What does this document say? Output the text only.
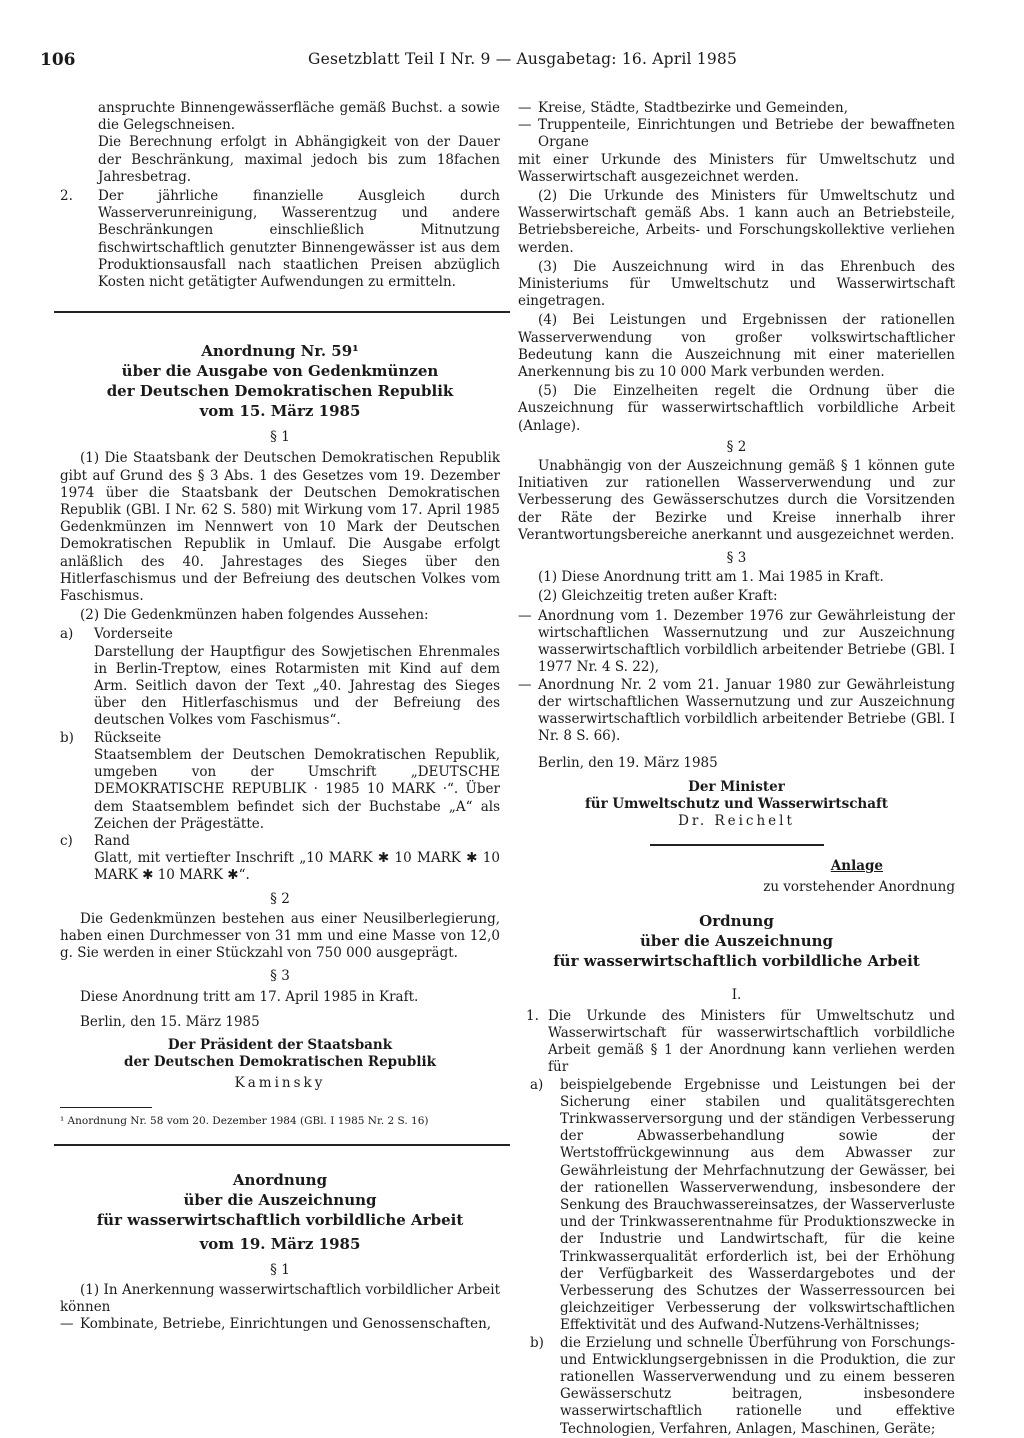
106	Gesetzblatt Teil I Nr. 9 — Ausgabetag: 16. April 1985

anspruchte Binnengewässerfläche gemäß Buchst. a sowie die Gelegschneisen.

Die Berechnung erfolgt in Abhängigkeit von der Dauer der Beschränkung, maximal jedoch bis zum 18fachen Jahresbetrag.

2. Der jährliche finanzielle Ausgleich durch Wasserverunreinigung, Wasserentzug und andere Beschränkungen einschließlich Mitnutzung fischwirtschaftlich genutzter Binnengewässer ist aus dem Produktionsausfall nach staatlichen Preisen abzüglich Kosten nicht getätigter Aufwendungen zu ermitteln.

Anordnung Nr. 59¹

über die Ausgabe von Gedenkmünzen

der Deutschen Demokratischen Republik

vom 15. März 1985

§ 1

(1) Die Staatsbank der Deutschen Demokratischen Republik gibt auf Grund des § 3 Abs. 1 des Gesetzes vom 19. Dezember 1974 über die Staatsbank der Deutschen Demokratischen Republik (GBl. I Nr. 62 S. 580) mit Wirkung vom 17. April 1985 Gedenkmünzen im Nennwert von 10 Mark der Deutschen Demokratischen Republik in Umlauf. Die Ausgabe erfolgt anläßlich des 40. Jahrestages des Sieges über den Hitlerfaschismus und der Befreiung des deutschen Volkes vom Faschismus.

(2) Die Gedenkmünzen haben folgendes Aussehen:

a) Vorderseite

Darstellung der Hauptfigur des Sowjetischen Ehrenmales in Berlin-Treptow, eines Rotarmisten mit Kind auf dem Arm. Seitlich davon der Text „40. Jahrestag des Sieges über den Hitlerfaschismus und der Befreiung des deutschen Volkes vom Faschismus“.

b) Rückseite

Staatsemblem der Deutschen Demokratischen Republik, umgeben von der Umschrift „DEUTSCHE DEMOKRATISCHE REPUBLIK · 1985 10 MARK ·“. Über dem Staatsemblem befindet sich der Buchstabe „A“ als Zeichen der Prägestätte.

c) Rand

Glatt, mit vertiefter Inschrift „10 MARK ✱ 10 MARK ✱ 10 MARK ✱ 10 MARK ✱“.

§ 2

Die Gedenkmünzen bestehen aus einer Neusilberlegierung, haben einen Durchmesser von 31 mm und eine Masse von 12,0 g. Sie werden in einer Stückzahl von 750 000 ausgeprägt.

§ 3

Diese Anordnung tritt am 17. April 1985 in Kraft.

Berlin, den 15. März 1985

Der Präsident der Staatsbank

der Deutschen Demokratischen Republik

Kaminsky

¹ Anordnung Nr. 58 vom 20. Dezember 1984 (GBl. I 1985 Nr. 2 S. 16)

Anordnung

über die Auszeichnung

für wasserwirtschaftlich vorbildliche Arbeit

vom 19. März 1985

§ 1

(1) In Anerkennung wasserwirtschaftlich vorbildlicher Arbeit können

— Kombinate, Betriebe, Einrichtungen und Genossenschaften,

— Kreise, Städte, Stadtbezirke und Gemeinden,

— Truppenteile, Einrichtungen und Betriebe der bewaffneten Organe

mit einer Urkunde des Ministers für Umweltschutz und Wasserwirtschaft ausgezeichnet werden.

(2) Die Urkunde des Ministers für Umweltschutz und Wasserwirtschaft gemäß Abs. 1 kann auch an Betriebsteile, Betriebsbereiche, Arbeits- und Forschungskollektive verliehen werden.

(3) Die Auszeichnung wird in das Ehrenbuch des Ministeriums für Umweltschutz und Wasserwirtschaft eingetragen.

(4) Bei Leistungen und Ergebnissen der rationellen Wasserverwendung von großer volkswirtschaftlicher Bedeutung kann die Auszeichnung mit einer materiellen Anerkennung bis zu 10 000 Mark verbunden werden.

(5) Die Einzelheiten regelt die Ordnung über die Auszeichnung für wasserwirtschaftlich vorbildliche Arbeit (Anlage).

§ 2

Unabhängig von der Auszeichnung gemäß § 1 können gute Initiativen zur rationellen Wasserverwendung und zur Verbesserung des Gewässerschutzes durch die Vorsitzenden der Räte der Bezirke und Kreise innerhalb ihrer Verantwortungsbereiche anerkannt und ausgezeichnet werden.

§ 3

(1) Diese Anordnung tritt am 1. Mai 1985 in Kraft.

(2) Gleichzeitig treten außer Kraft:

— Anordnung vom 1. Dezember 1976 zur Gewährleistung der wirtschaftlichen Wassernutzung und zur Auszeichnung wasserwirtschaftlich vorbildlich arbeitender Betriebe (GBl. I 1977 Nr. 4 S. 22),

— Anordnung Nr. 2 vom 21. Januar 1980 zur Gewährleistung der wirtschaftlichen Wassernutzung und zur Auszeichnung wasserwirtschaftlich vorbildlich arbeitender Betriebe (GBl. I Nr. 8 S. 66).

Berlin, den 19. März 1985

Der Minister

für Umweltschutz und Wasserwirtschaft

Dr. Reichelt

Anlage

zu vorstehender Anordnung

Ordnung

über die Auszeichnung

für wasserwirtschaftlich vorbildliche Arbeit

I.

1. Die Urkunde des Ministers für Umweltschutz und Wasserwirtschaft für wasserwirtschaftlich vorbildliche Arbeit gemäß § 1 der Anordnung kann verliehen werden für

a) beispielgebende Ergebnisse und Leistungen bei der Sicherung einer stabilen und qualitätsgerechten Trinkwasserversorgung und der ständigen Verbesserung der Abwasserbehandlung sowie der Wertstoffrückgewinnung aus dem Abwasser zur Gewährleistung der Mehrfachnutzung der Gewässer, bei der rationellen Wasserverwendung, insbesondere der Senkung des Brauchwassereinsatzes, der Wasserverluste und der Trinkwasserentnahme für Produktionszwecke in der Industrie und Landwirtschaft, für die keine Trinkwasserqualität erforderlich ist, bei der Erhöhung der Verfügbarkeit des Wasserdargebotes und der Verbesserung des Schutzes der Wasserressourcen bei gleichzeitiger Verbesserung der volkswirtschaftlichen Effektivität und des Aufwand-Nutzens-Verhältnisses;

b) die Erzielung und schnelle Überführung von Forschungs- und Entwicklungsergebnissen in die Produktion, die zur rationellen Wasserverwendung und zu einem besseren Gewässerschutz beitragen, insbesondere wasserwirtschaftlich rationelle und effektive Technologien, Verfahren, Anlagen, Maschinen, Geräte;
